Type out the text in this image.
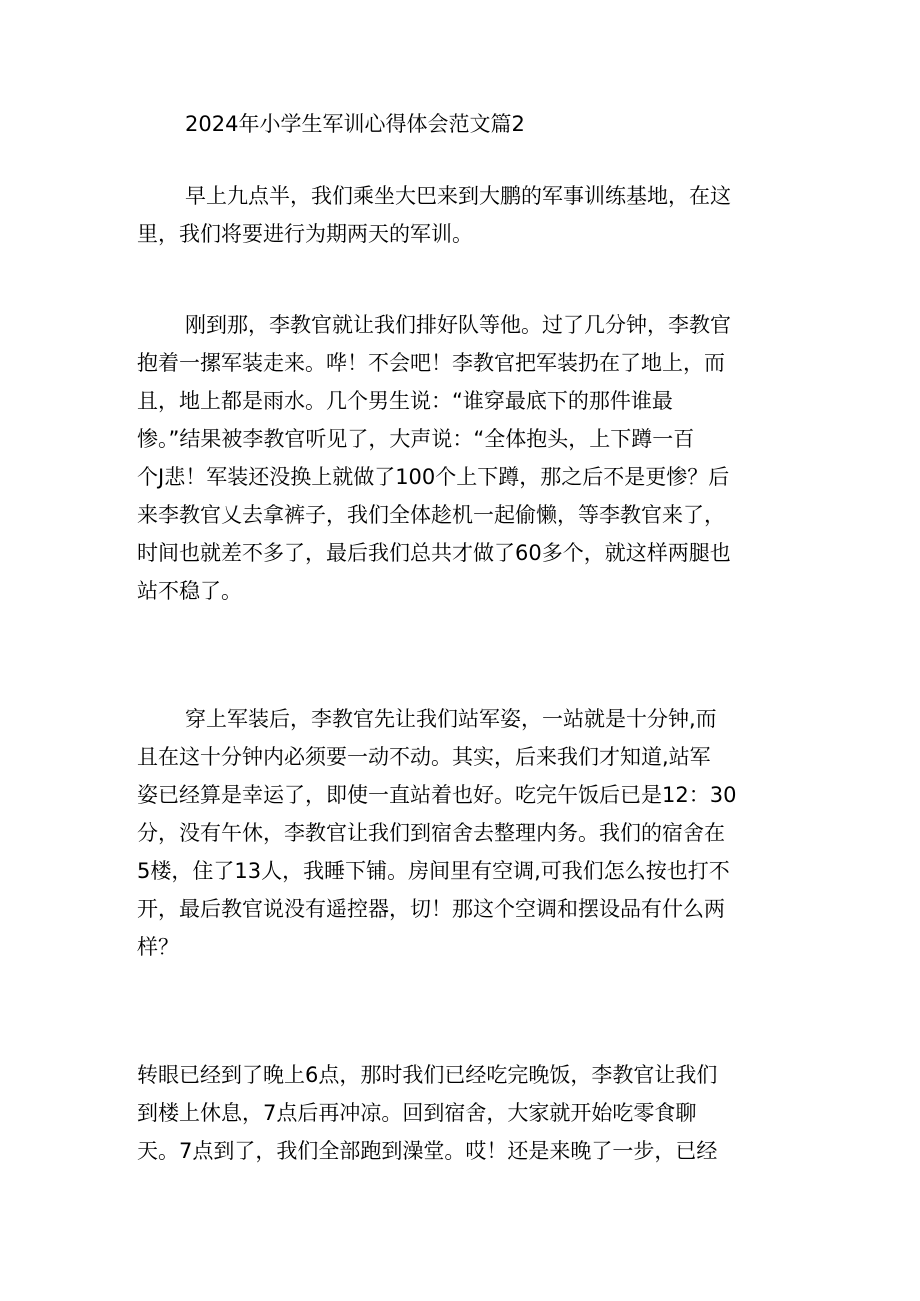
2024年小学生军训心得体会范文篇2
早上九点半，我们乘坐大巴来到大鹏的军事训练基地，在这
里，我们将要进行为期两天的军训。
刚到那，李教官就让我们排好队等他。过了几分钟，李教官
抱着一摞军装走来。哗！不会吧！李教官把军装扔在了地上，而
且，地上都是雨水。几个男生说：“谁穿最底下的那件谁最
惨。”结果被李教官听见了，大声说：“全体抱头，上下蹲一百
个J悲！军装还没换上就做了100个上下蹲，那之后不是更惨？后
来李教官乂去拿裤子，我们全体趁机一起偷懒，等李教官来了，
时间也就差不多了，最后我们总共才做了60多个，就这样两腿也
站不稳了。
穿上军装后，李教官先让我们站军姿，一站就是十分钟,而
且在这十分钟内必须要一动不动。其实，后来我们才知道,站军
姿已经算是幸运了，即使一直站着也好。吃完午饭后已是12：30
分，没有午休，李教官让我们到宿舍去整理内务。我们的宿舍在
5楼，住了13人，我睡下铺。房间里有空调,可我们怎么按也打不
开，最后教官说没有遥控器，切！那这个空调和摆设品有什么两
样？
转眼已经到了晚上6点，那时我们已经吃完晚饭，李教官让我们
到楼上休息，7点后再冲凉。回到宿舍，大家就开始吃零食聊
天。7点到了，我们全部跑到澡堂。哎！还是来晚了一步，已经
